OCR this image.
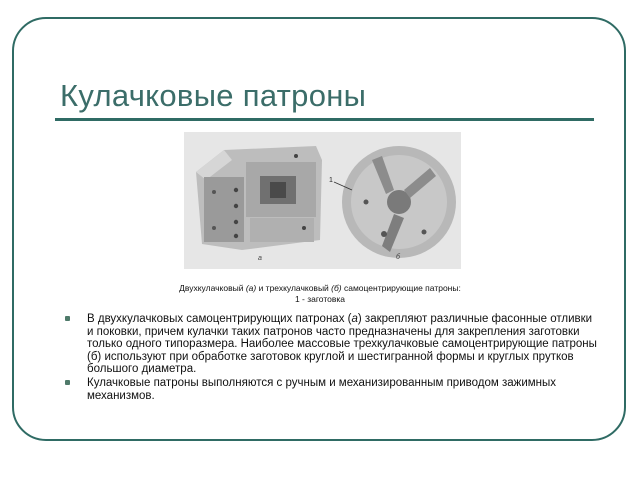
Кулачковые патроны
1
а	б
Двухкулачковый (а) и трехкулачковый (б) самоцентрирующие патроны:
1 - заготовка
В двухкулачковых самоцентрирующих патронах (а) закрепляют различные фасонные отливки и поковки, причем кулачки таких патронов часто предназначены для закрепления заготовки только одного типоразмера. Наиболее массовые трехкулачковые самоцентрирующие патроны (б) используют при обработке заготовок круглой и шестигранной формы и круглых прутков большого диаметра.
Кулачковые патроны выполняются с ручным и механизированным приводом зажимных механизмов.
